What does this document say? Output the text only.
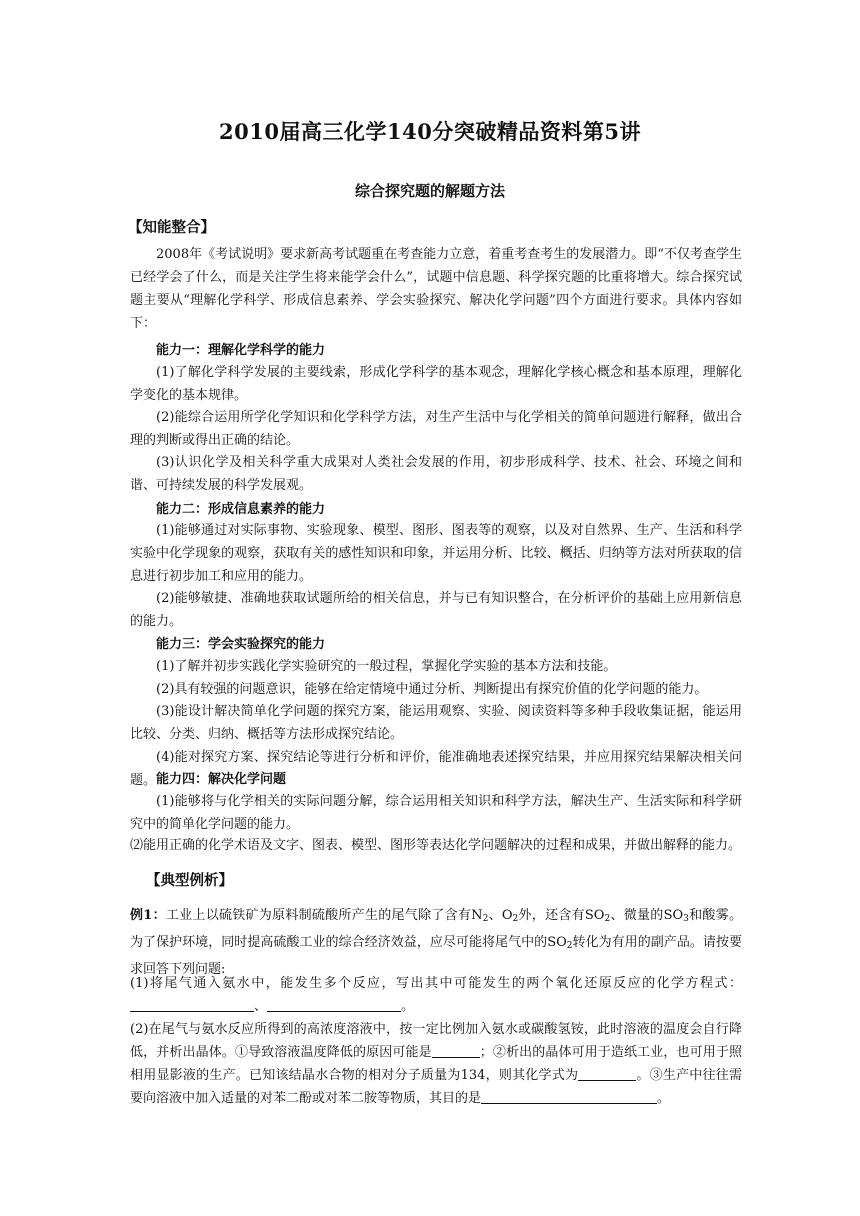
2010届高三化学140分突破精品资料第5讲
综合探究题的解题方法
【知能整合】

2008年《考试说明》要求新高考试题重在考查能力立意，着重考查考生的发展潜力。即“不仅考查学生已经学会了什么，而是关注学生将来能学会什么”，试题中信息题、科学探究题的比重将增大。综合探究试题主要从“理解化学科学、形成信息素养、学会实验探究、解决化学问题”四个方面进行要求。具体内容如下：

能力一：理解化学科学的能力

(1)了解化学科学发展的主要线索，形成化学科学的基本观念，理解化学核心概念和基本原理，理解化学变化的基本规律。

(2)能综合运用所学化学知识和化学科学方法，对生产生活中与化学相关的简单问题进行解释，做出合理的判断或得出正确的结论。

(3)认识化学及相关科学重大成果对人类社会发展的作用，初步形成科学、技术、社会、环境之间和谐、可持续发展的科学发展观。

能力二：形成信息素养的能力

(1)能够通过对实际事物、实验现象、模型、图形、图表等的观察，以及对自然界、生产、生活和科学实验中化学现象的观察，获取有关的感性知识和印象，并运用分析、比较、概括、归纳等方法对所获取的信息进行初步加工和应用的能力。

(2)能够敏捷、准确地获取试题所给的相关信息，并与已有知识整合，在分析评价的基础上应用新信息的能力。

能力三：学会实验探究的能力

(1)了解并初步实践化学实验研究的一般过程，掌握化学实验的基本方法和技能。

(2)具有较强的问题意识，能够在给定情境中通过分析、判断提出有探究价值的化学问题的能力。

(3)能设计解决简单化学问题的探究方案，能运用观察、实验、阅读资料等多种手段收集证据，能运用比较、分类、归纳、概括等方法形成探究结论。

(4)能对探究方案、探究结论等进行分析和评价，能准确地表述探究结果，并应用探究结果解决相关问题。 能力四：解决化学问题

(1)能够将与化学相关的实际问题分解，综合运用相关知识和科学方法，解决生产、生活实际和科学研究中的简单化学问题的能力。

⑵能用正确的化学术语及文字、图表、模型、图形等表达化学问题解决的过程和成果，并做出解释的能力。

【典型例析】

例1：工业上以硫铁矿为原料制硫酸所产生的尾气除了含有$N_2$、$O_2$外，还含有$SO_2$、微量的$SO_3$和酸雾。为了保护环境，同时提高硫酸工业的综合经济效益，应尽可能将尾气中的$SO_2$转化为有用的副产品。请按要求回答下列问题:

(1)将尾气通入氨水中，能发生多个反应，写出其中可能发生的两个氧化还原反应的化学方程式：、	。

(2)在尾气与氨水反应所得到的高浓度溶液中，按一定比例加入氨水或碳酸氢铵，此时溶液的温度会自行降低，并析出晶体。①导致溶液温度降低的原因可能是	；②析出的晶体可用于造纸工业，也可用于照相用显影液的生产。已知该结晶水合物的相对分子质量为134，则其化学式为	。③生产中往往需要向溶液中加入适量的对苯二酚或对苯二胺等物质，其目的是	。
